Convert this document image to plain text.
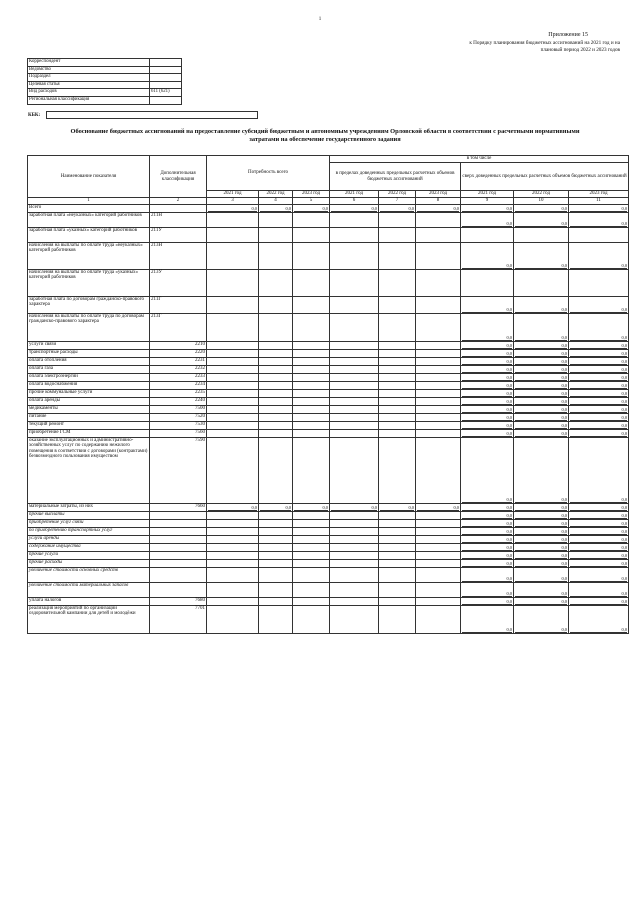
1
Приложение 15
к Порядку планирования бюджетных ассигнований на 2021 год и на
плановый период 2022 и 2023 годов
Корреспондент	
Ведомство	
Подраздел	
Целевая статья	
Вид расходов	611 (621)
Региональная классификация	
КБК:
Обоснование бюджетных ассигнований на предоставление субсидий бюджетным и автономным учреждениям Орловской области в соответствии с расчетными нормативными
затратами на обеспечение государственного задания
Наименование показателя	Дополнительная классификация	Потребность всего			в том числе					
					в пределах доведенных предельных расчетных объемов бюджетных ассигнований			сверх доведенных предельных расчетных объемов бюджетных ассигнований		
		2021 год	2022 год	2023 год	2021 год	2022 год	2023 год	2021 год	2022 год	2023 год
1	2	3	4	5	6	7	8	9	10	11
Всего		0,0	0,0	0,0	0,0	0,0	0,0	0,0	0,0	0,0
заработная плата «неуказных» категорий работников	211Н							0,0	0,0	0,0
заработная плата «указных» категорий работников	211У									
начисления на выплаты по оплате труда «неуказных» категорий работников	213Н							0,0	0,0	0,0
начисления на выплаты по оплате труда «указных» категорий работников	213У									
заработная плата по договорам гражданско-правового характера	211Г							0,0	0,0	0,0
начисления на выплаты по оплате труда по договорам гражданско-правового характера	213Г							0,0	0,0	0,0
услуги связи	2210							0,0	0,0	0,0
транспортные расходы	2220							0,0	0,0	0,0
оплата отопления	2231							0,0	0,0	0,0
оплата газа	2232							0,0	0,0	0,0
оплата электроэнергии	2233							0,0	0,0	0,0
оплата водоснабжения	2234							0,0	0,0	0,0
прочие коммунальные услуги	2235							0,0	0,0	0,0
оплата аренды	2240							0,0	0,0	0,0
медикаменты	7500							0,0	0,0	0,0
питание	7520							0,0	0,0	0,0
текущий ремонт	7530							0,0	0,0	0,0
приобретение ГСМ	7560							0,0	0,0	0,0
оказание эксплуатационных и административно-хозяйственных услуг по содержанию нежилого помещения в соответствии с договорами (контрактами) безвозмездного пользования имуществом	7590							0,0	0,0	0,0
материальные затраты, из них	7660	0,0	0,0	0,0	0,0	0,0	0,0	0,0	0,0	0,0
прочие выплаты								0,0	0,0	0,0
приобретение услуг связи								0,0	0,0	0,0
по приобретению транспортных услуг								0,0	0,0	0,0
услуги аренды								0,0	0,0	0,0
содержание имущества								0,0	0,0	0,0
прочие услуги								0,0	0,0	0,0
прочие расходы								0,0	0,0	0,0
увеличение стоимости основных средств								0,0	0,0	0,0
увеличение стоимости материальных запасов								0,0	0,0	0,0
уплата налогов	7680							0,0	0,0	0,0
реализация мероприятий по организации оздоровительной кампании для детей и молодёжи	7701							0,0	0,0	0,0
